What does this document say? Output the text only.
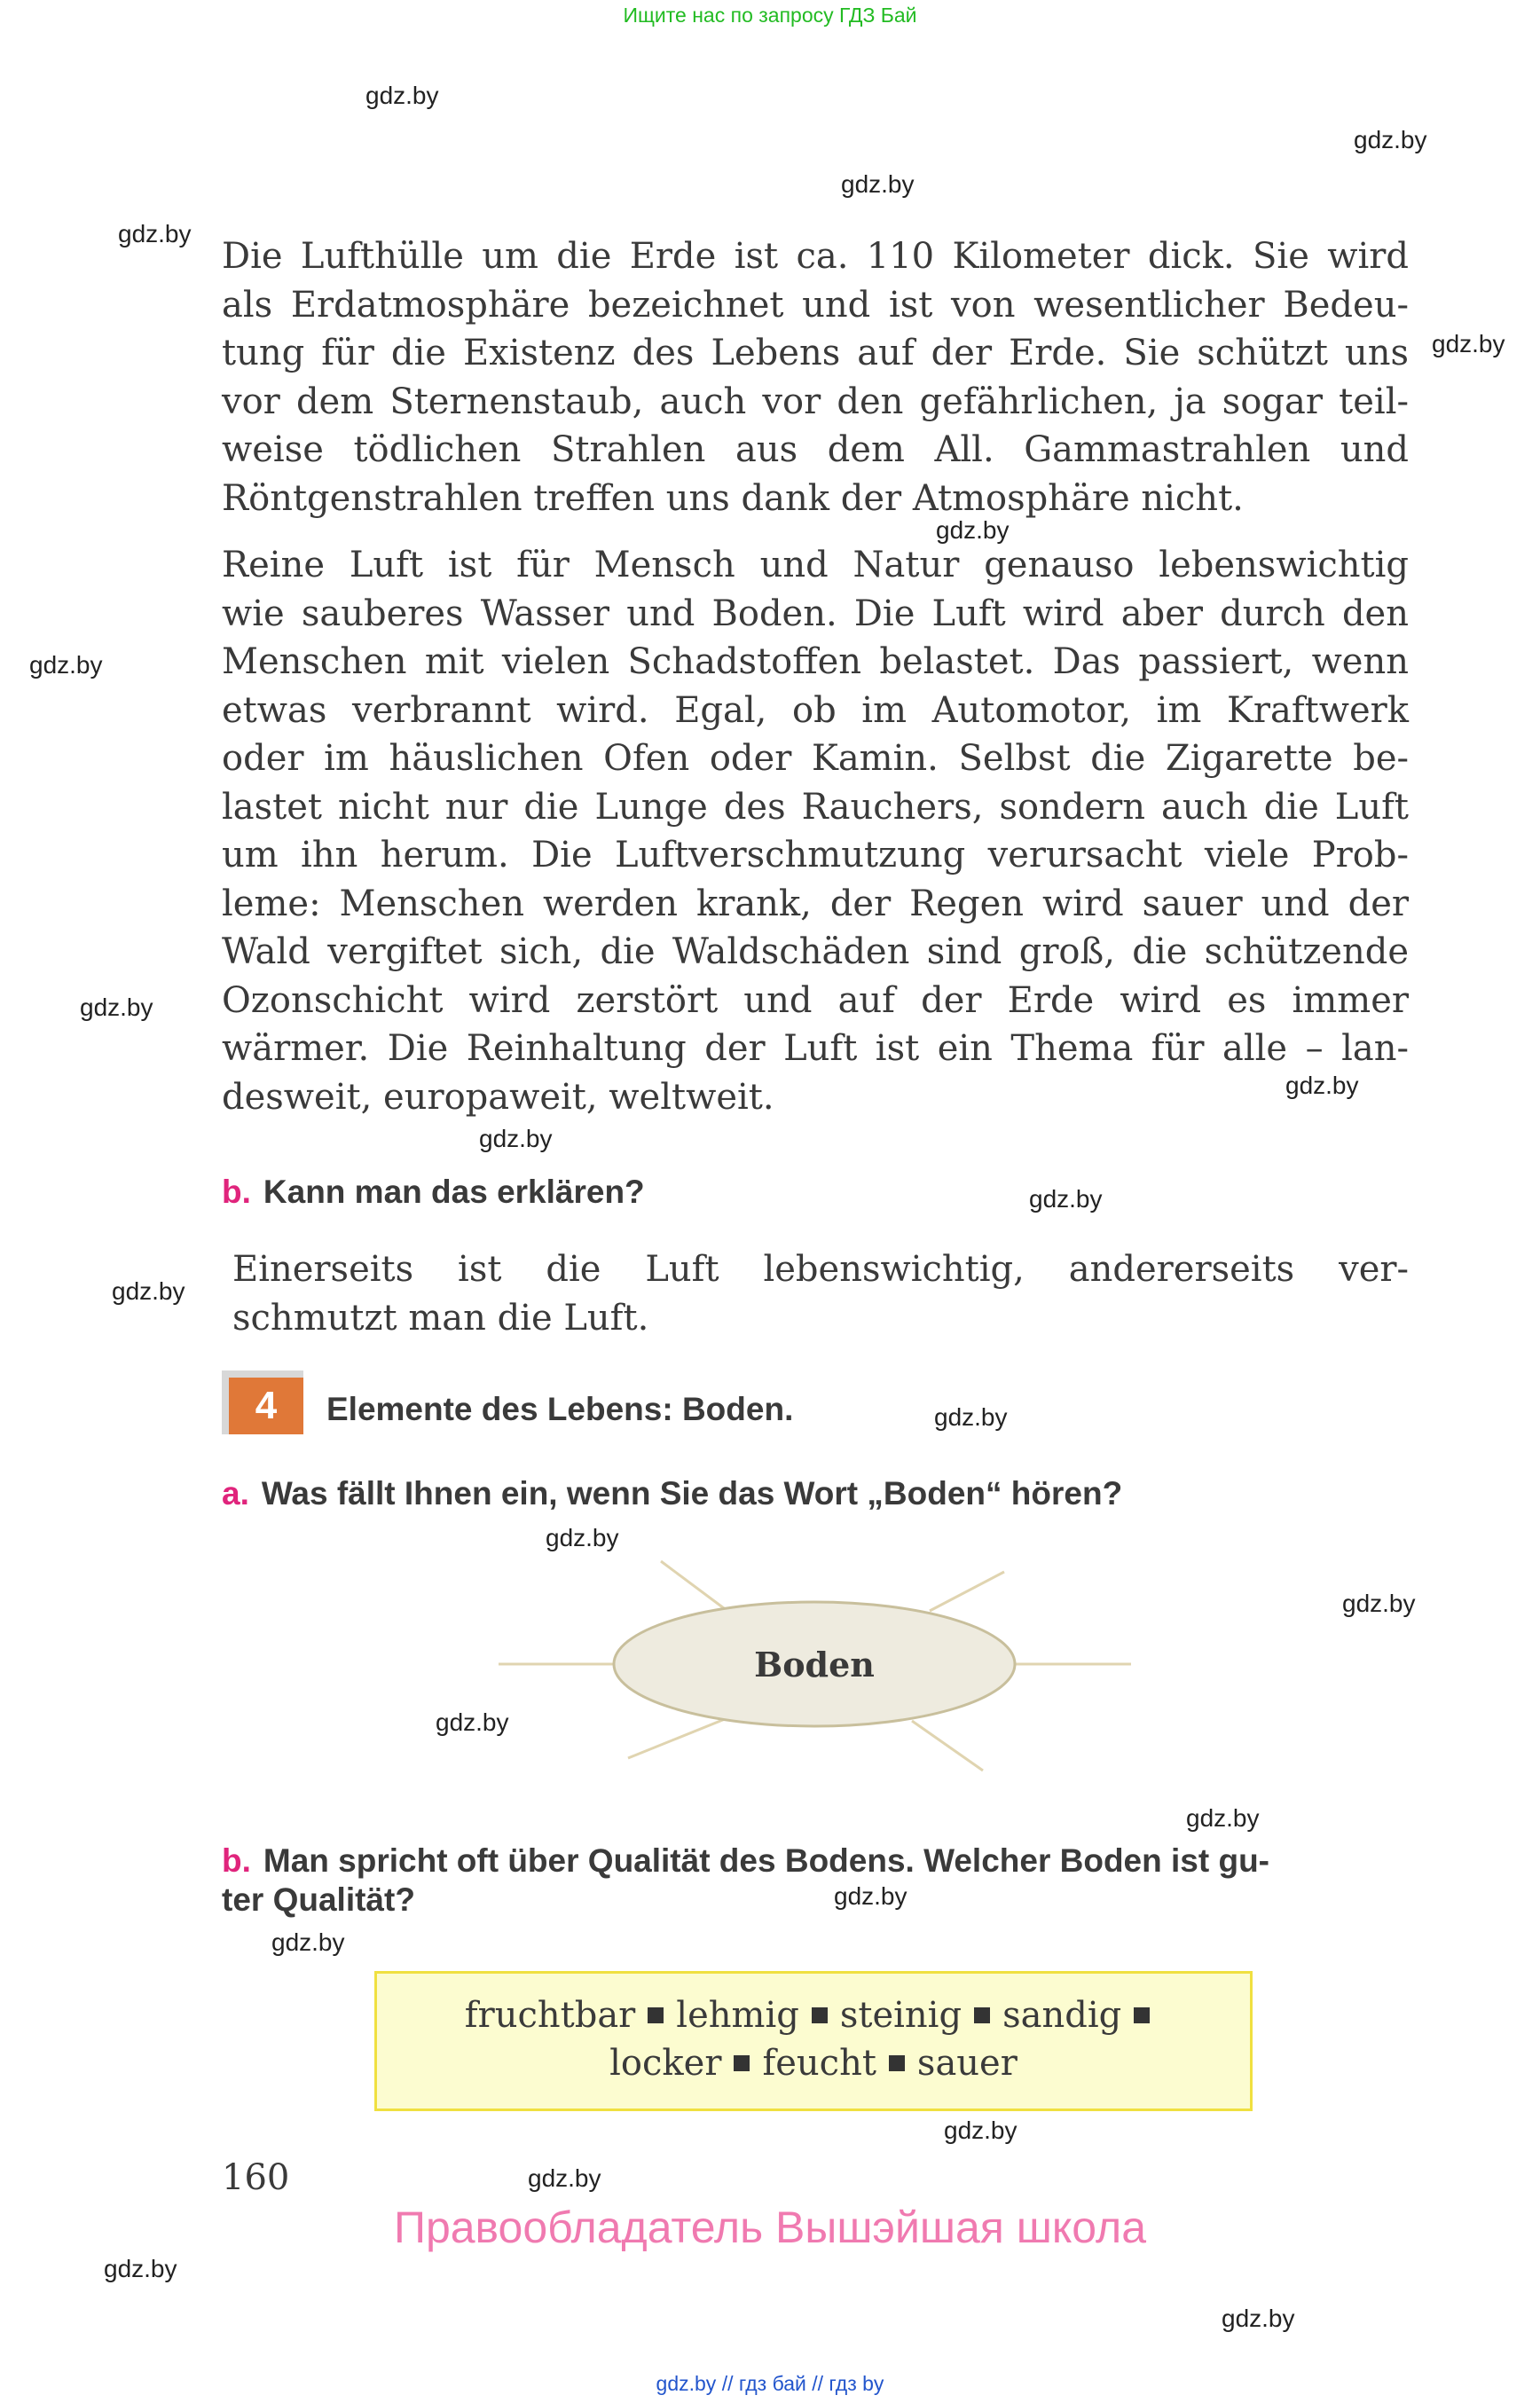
Ищите нас по запросу ГДЗ Бай
gdz.by
gdz.by
gdz.by
gdz.by
gdz.by
gdz.by
gdz.by
gdz.by
gdz.by
gdz.by
gdz.by
gdz.by
gdz.by
gdz.by
gdz.by
gdz.by
gdz.by
gdz.by
gdz.by
gdz.by
gdz.by
gdz.by
gdz.by
Die Lufthülle um die Erde ist ca. 110 Kilometer dick. Sie wird
als Erdatmosphäre bezeichnet und ist von wesentlicher Bedeu-
tung für die Existenz des Lebens auf der Erde. Sie schützt uns
vor dem Sternenstaub, auch vor den gefährlichen, ja sogar teil-
weise tödlichen Strahlen aus dem All. Gammastrahlen und
Röntgenstrahlen treffen uns dank der Atmosphäre nicht.
Reine Luft ist für Mensch und Natur genauso lebenswichtig
wie sauberes Wasser und Boden. Die Luft wird aber durch den
Menschen mit vielen Schadstoffen belastet. Das passiert, wenn
etwas verbrannt wird. Egal, ob im Automotor, im Kraftwerk
oder im häuslichen Ofen oder Kamin. Selbst die Zigarette be-
lastet nicht nur die Lunge des Rauchers, sondern auch die Luft
um ihn herum. Die Luftverschmutzung verursacht viele Prob-
leme: Menschen werden krank, der Regen wird sauer und der
Wald vergiftet sich, die Waldschäden sind groß, die schützende
Ozonschicht wird zerstört und auf der Erde wird es immer
wärmer. Die Reinhaltung der Luft ist ein Thema für alle – lan-
desweit, europaweit, weltweit.
b. Kann man das erklären?
Einerseits ist die Luft lebenswichtig, andererseits ver-
schmutzt man die Luft.
4	Elemente des Lebens: Boden.
a. Was fällt Ihnen ein, wenn Sie das Wort „Boden“ hören?
Boden
b. Man spricht oft über Qualität des Bodens. Welcher Boden ist gu-
ter Qualität?
fruchtbar lehmig steinig sandig
locker feucht sauer
160
Правообладатель Вышэйшая школа
gdz.by // гдз бай // гдз by
